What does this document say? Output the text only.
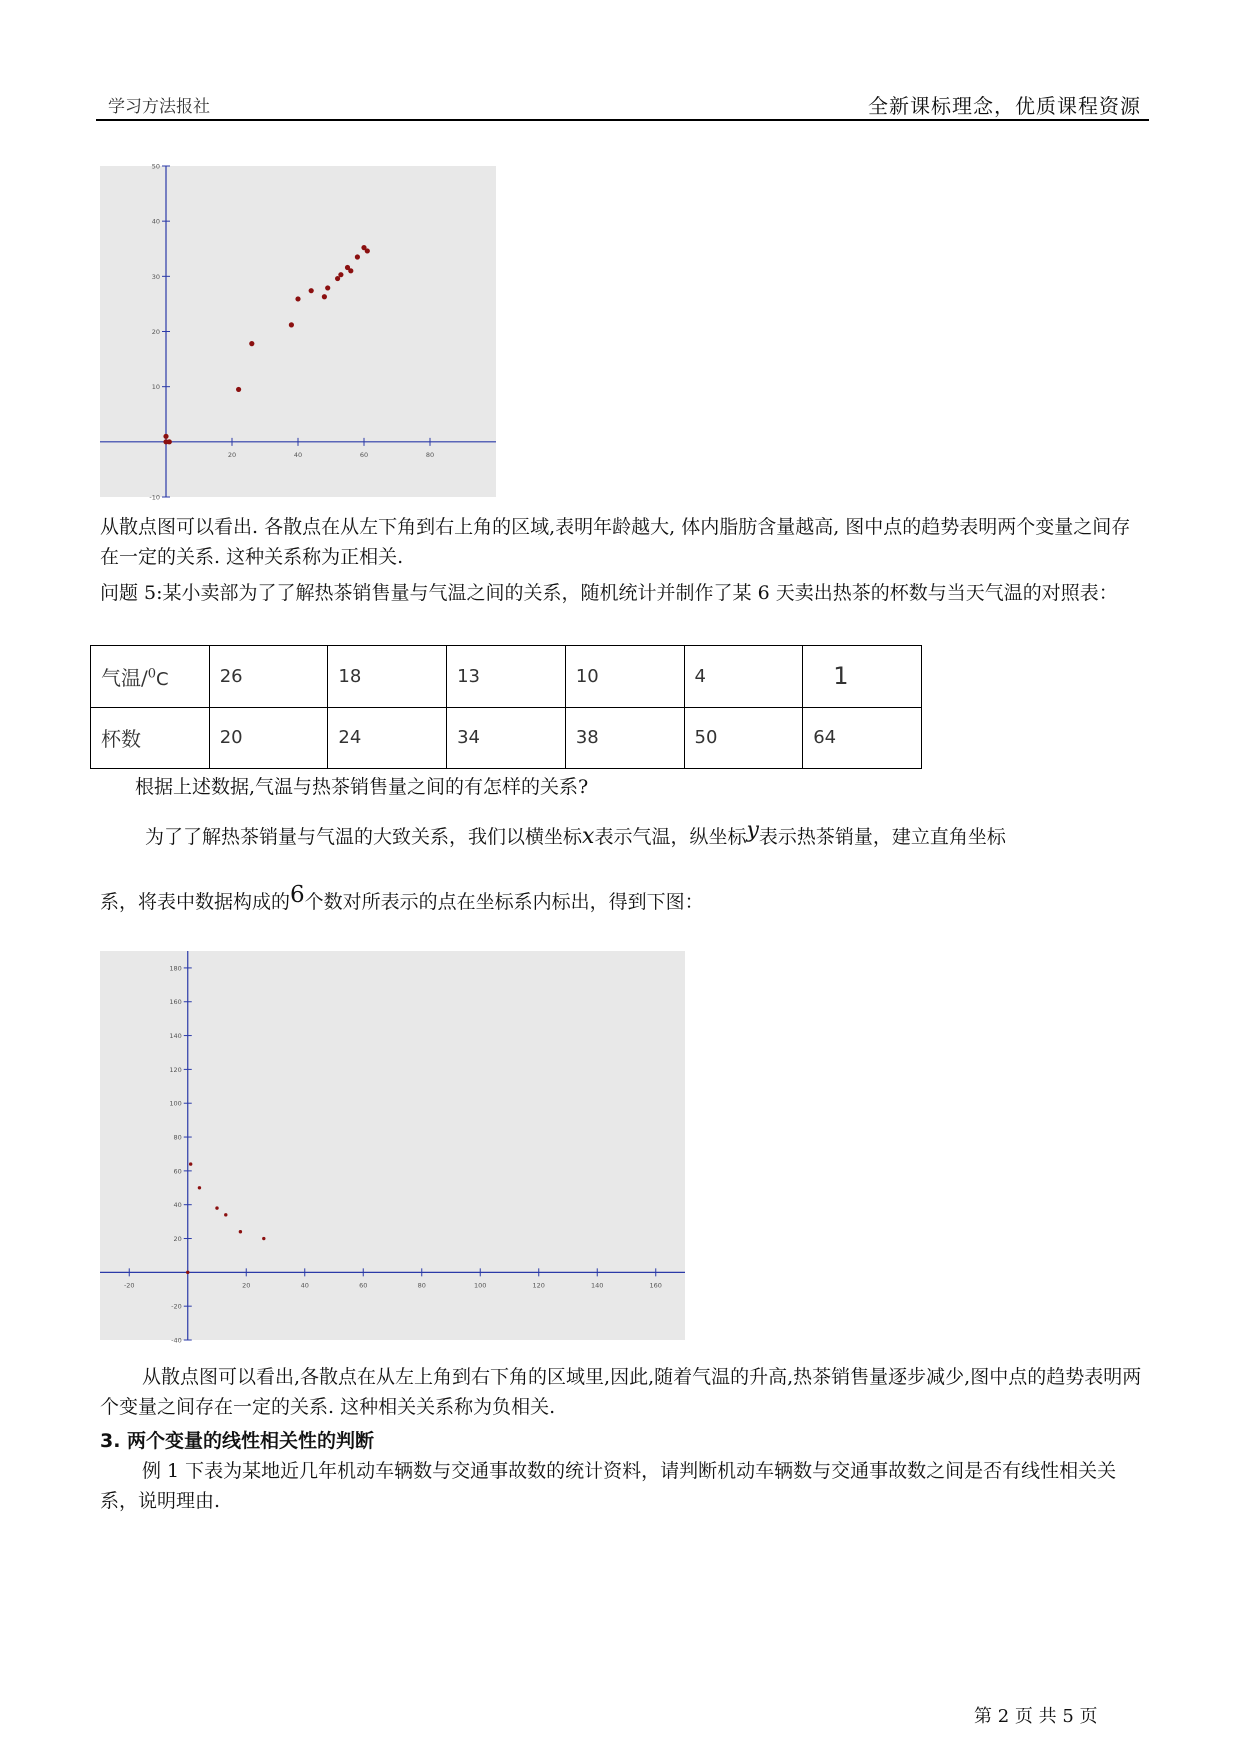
学习方法报社	全新课标理念，优质课程资源
20	40	60	80
-10
10
20
30
40
50

从散点图可以看出. 各散点在从左下角到右上角的区域,表明年龄越大, 体内脂肪含量越高, 图中点的趋势表明两个变量之间存在一定的关系. 这种关系称为正相关.

问题 5:某小卖部为了了解热茶销售量与气温之间的关系，随机统计并制作了某 6 天卖出热茶的杯数与当天气温的对照表：

气温/$^0$C	26	18	13	10	4	1
杯数	20	24	34	38	50	64

根据上述数据,气温与热茶销售量之间的有怎样的关系?

为了了解热茶销量与气温的大致关系，我们以横坐标x表示气温，纵坐标y表示热茶销量，建立直角坐标

系，将表中数据构成的6个数对所表示的点在坐标系内标出，得到下图：

-20	20	40	60	80	100	120	140	160
-40
-20
20
40
60
80
100
120
140
160
180

从散点图可以看出,各散点在从左上角到右下角的区域里,因此,随着气温的升高,热茶销售量逐步减少,图中点的趋势表明两个变量之间存在一定的关系. 这种相关关系称为负相关.

3. 两个变量的线性相关性的判断

例 1 下表为某地近几年机动车辆数与交通事故数的统计资料，请判断机动车辆数与交通事故数之间是否有线性相关关系，说明理由.

第 2 页 共 5 页
